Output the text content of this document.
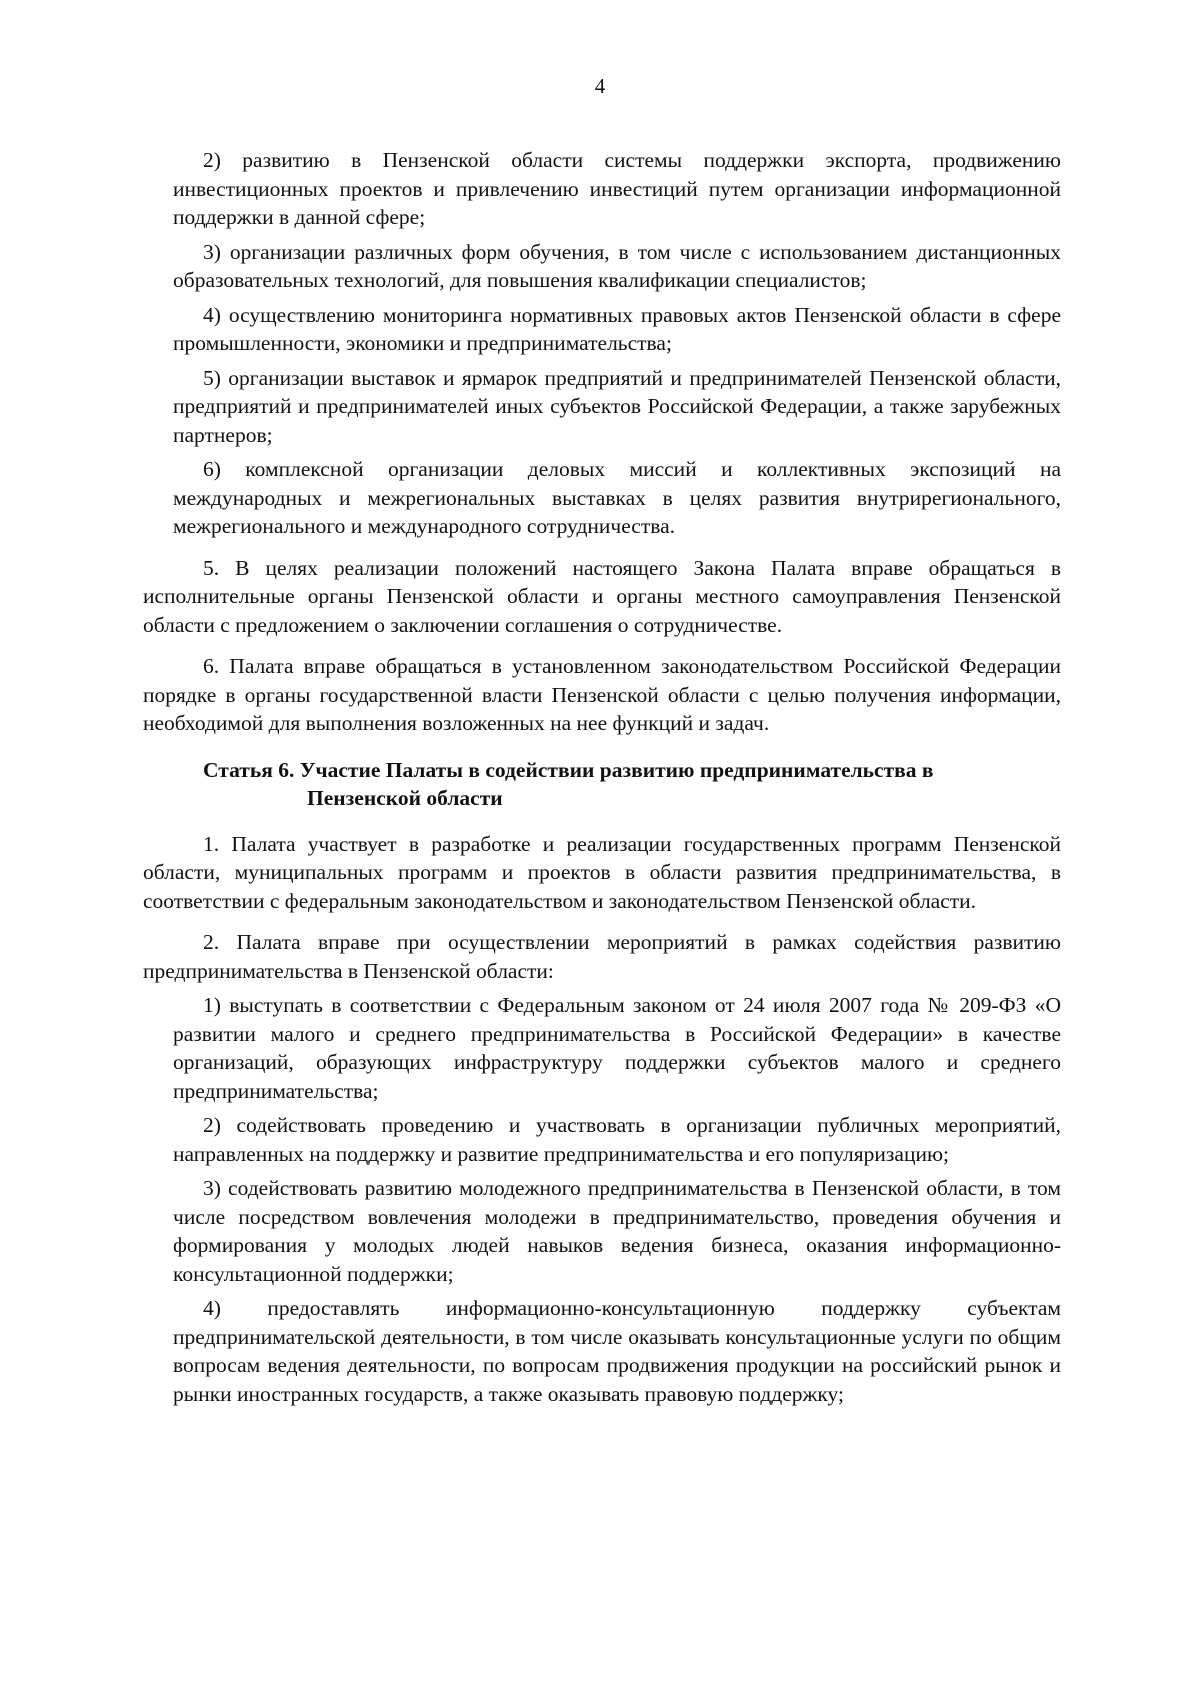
4

2) развитию в Пензенской области системы поддержки экспорта, продвижению инвестиционных проектов и привлечению инвестиций путем организации информационной поддержки в данной сфере;

3) организации различных форм обучения, в том числе с использованием дистанционных образовательных технологий, для повышения квалификации специалистов;

4) осуществлению мониторинга нормативных правовых актов Пензенской области в сфере промышленности, экономики и предпринимательства;

5) организации выставок и ярмарок предприятий и предпринимателей Пензенской области, предприятий и предпринимателей иных субъектов Российской Федерации, а также зарубежных партнеров;

6) комплексной организации деловых миссий и коллективных экспозиций на международных и межрегиональных выставках в целях развития внутрирегионального, межрегионального и международного сотрудничества.

5. В целях реализации положений настоящего Закона Палата вправе обращаться в исполнительные органы Пензенской области и органы местного самоуправления Пензенской области с предложением о заключении соглашения о сотрудничестве.

6. Палата вправе обращаться в установленном законодательством Российской Федерации порядке в органы государственной власти Пензенской области с целью получения информации, необходимой для выполнения возложенных на нее функций и задач.

Статья 6. Участие Палаты в содействии развитию предпринимательства в
Пензенской области

1. Палата участвует в разработке и реализации государственных программ Пензенской области, муниципальных программ и проектов в области развития предпринимательства, в соответствии с федеральным законодательством и законодательством Пензенской области.

2. Палата вправе при осуществлении мероприятий в рамках содействия развитию предпринимательства в Пензенской области:

1) выступать в соответствии с Федеральным законом от 24 июля 2007 года № 209-ФЗ «О развитии малого и среднего предпринимательства в Российской Федерации» в качестве организаций, образующих инфраструктуру поддержки субъектов малого и среднего предпринимательства;

2) содействовать проведению и участвовать в организации публичных мероприятий, направленных на поддержку и развитие предпринимательства и его популяризацию;

3) содействовать развитию молодежного предпринимательства в Пензенской области, в том числе посредством вовлечения молодежи в предпринимательство, проведения обучения и формирования у молодых людей навыков ведения бизнеса, оказания информационно-консультационной поддержки;

4) предоставлять информационно-консультационную поддержку субъектам предпринимательской деятельности, в том числе оказывать консультационные услуги по общим вопросам ведения деятельности, по вопросам продвижения продукции на российский рынок и рынки иностранных государств, а также оказывать правовую поддержку;
